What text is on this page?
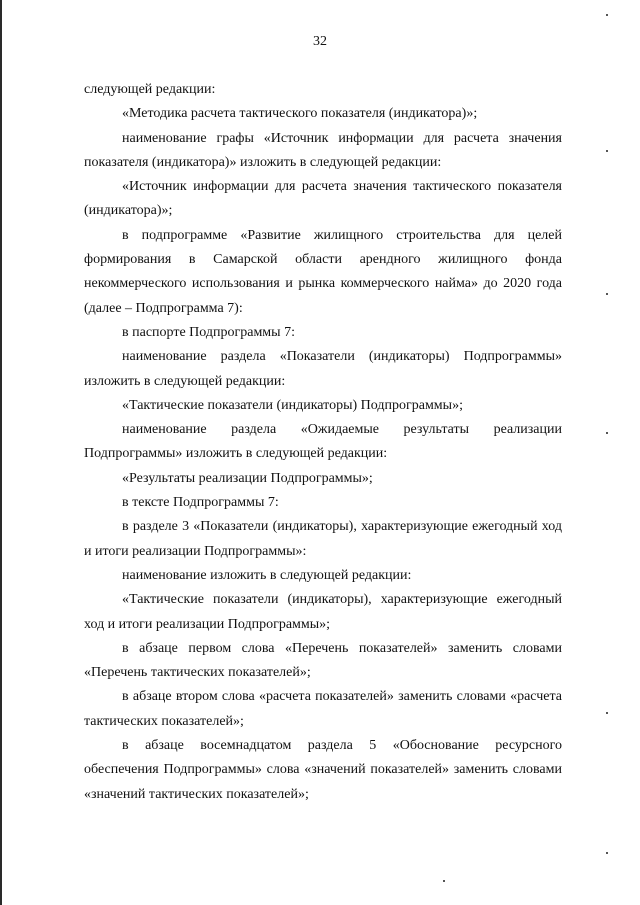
32

следующей редакции:

«Методика расчета тактического показателя (индикатора)»;

наименование графы «Источник информации для расчета значения показателя (индикатора)» изложить в следующей редакции:

«Источник информации для расчета значения тактического показателя (индикатора)»;

в подпрограмме «Развитие жилищного строительства для целей формирования в Самарской области арендного жилищного фонда некоммерческого использования и рынка коммерческого найма» до 2020 года (далее – Подпрограмма 7):

в паспорте Подпрограммы 7:

наименование раздела «Показатели (индикаторы) Подпрограммы» изложить в следующей редакции:

«Тактические показатели (индикаторы) Подпрограммы»;

наименование раздела «Ожидаемые результаты реализации Подпрограммы» изложить в следующей редакции:

«Результаты реализации Подпрограммы»;

в тексте Подпрограммы 7:

в разделе 3 «Показатели (индикаторы), характеризующие ежегодный ход и итоги реализации Подпрограммы»:

наименование изложить в следующей редакции:

«Тактические показатели (индикаторы), характеризующие ежегодный ход и итоги реализации Подпрограммы»;

в абзаце первом слова «Перечень показателей» заменить словами «Перечень тактических показателей»;

в абзаце втором слова «расчета показателей» заменить словами «расчета тактических показателей»;

в абзаце восемнадцатом раздела 5 «Обоснование ресурсного обеспечения Подпрограммы» слова «значений показателей» заменить словами «значений тактических показателей»;
